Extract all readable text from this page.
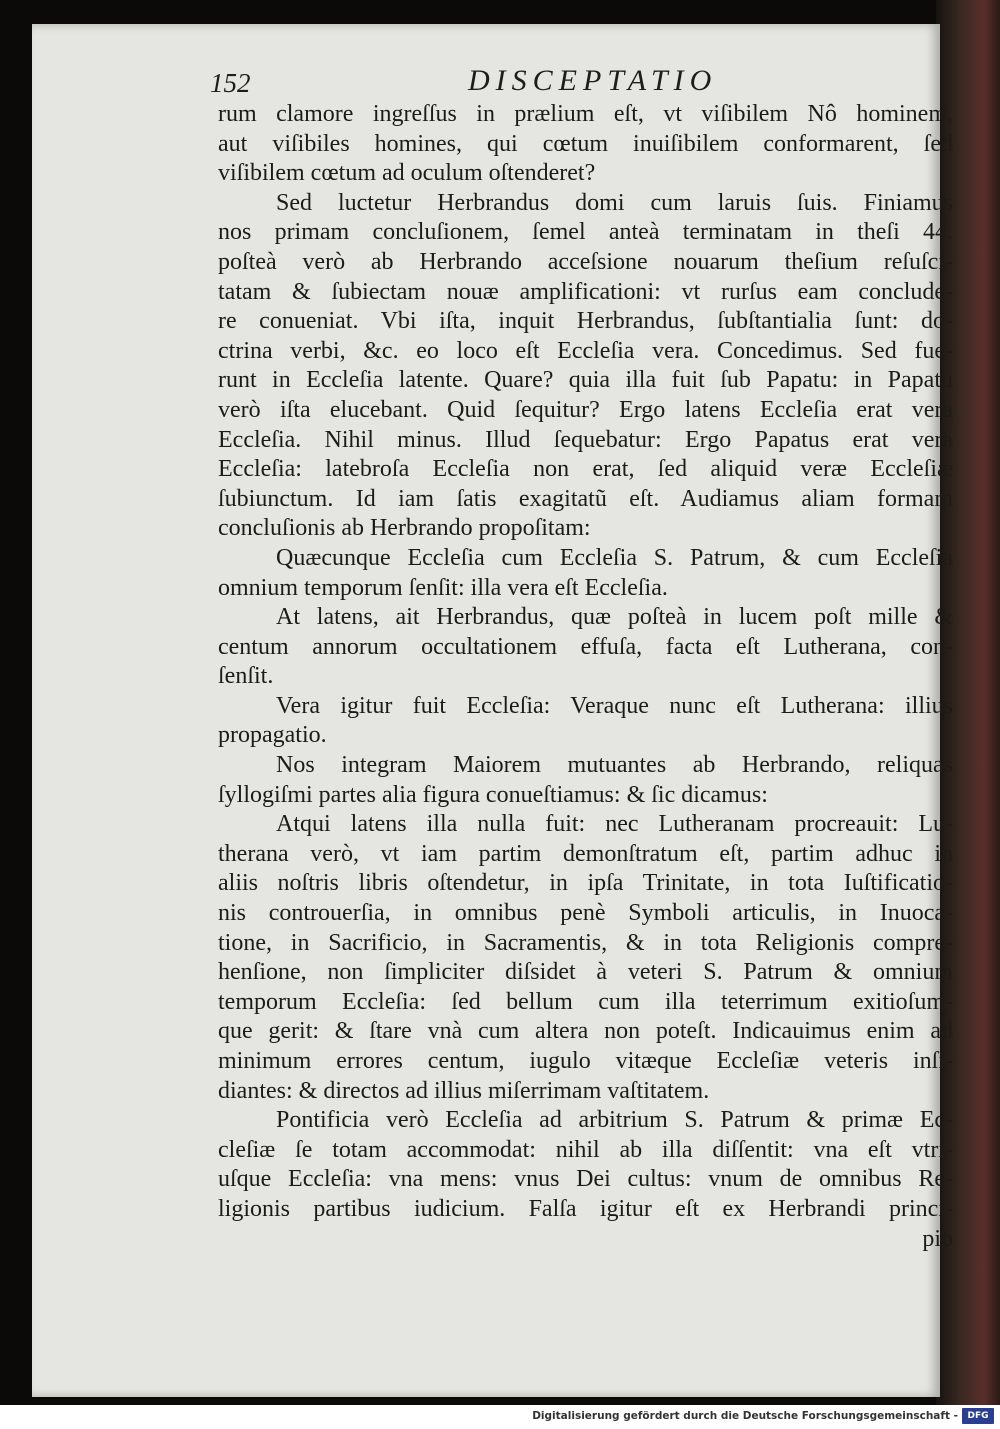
152	DISCEPTATIO
rum clamore ingreſſus in prælium eſt, vt viſibilem Nô hominem,
aut viſibiles homines, qui cœtum inuiſibilem conformarent, ſed
viſibilem cœtum ad oculum oſtenderet?
Sed luctetur Herbrandus domi cum laruis ſuis. Finiamus
nos primam concluſionem, ſemel anteà terminatam in theſi 44.
poſteà verò ab Herbrando acceſsione nouarum theſium reſuſci-
tatam & ſubiectam nouæ amplificationi: vt rurſus eam conclude-
re conueniat. Vbi iſta, inquit Herbrandus, ſubſtantialia ſunt: do-
ctrina verbi, &c. eo loco eſt Eccleſia vera. Concedimus. Sed fue-
runt in Eccleſia latente. Quare? quia illa fuit ſub Papatu: in Papatu
verò iſta elucebant. Quid ſequitur? Ergo latens Eccleſia erat vera
Eccleſia. Nihil minus. Illud ſequebatur: Ergo Papatus erat vera
Eccleſia: latebroſa Eccleſia non erat, ſed aliquid veræ Eccleſiæ
ſubiunctum. Id iam ſatis exagitatũ eſt. Audiamus aliam formam
concluſionis ab Herbrando propoſitam:
Quæcunque Eccleſia cum Eccleſia S. Patrum, & cum Eccleſia
omnium temporum ſenſit: illa vera eſt Eccleſia.
At latens, ait Herbrandus, quæ poſteà in lucem poſt mille &
centum annorum occultationem effuſa, facta eſt Lutherana, con-
ſenſit.
Vera igitur fuit Eccleſia: Veraque nunc eſt Lutherana: illius
propagatio.
Nos integram Maiorem mutuantes ab Herbrando, reliquas
ſyllogiſmi partes alia figura conueſtiamus: & ſic dicamus:
Atqui latens illa nulla fuit: nec Lutheranam procreauit: Lu-
therana verò, vt iam partim demonſtratum eſt, partim adhuc in
aliis noſtris libris oſtendetur, in ipſa Trinitate, in tota Iuſtificatio-
nis controuerſia, in omnibus penè Symboli articulis, in Inuoca-
tione, in Sacrificio, in Sacramentis, & in tota Religionis compre-
henſione, non ſimpliciter diſsidet à veteri S. Patrum & omnium
temporum Eccleſia: ſed bellum cum illa teterrimum exitioſum-
que gerit: & ſtare vnà cum altera non poteſt. Indicauimus enim ad
minimum errores centum, iugulo vitæque Eccleſiæ veteris inſi-
diantes: & directos ad illius miſerrimam vaſtitatem.
Pontificia verò Eccleſia ad arbitrium S. Patrum & primæ Ec-
cleſiæ ſe totam accommodat: nihil ab illa diſſentit: vna eſt vtri-
uſque Eccleſia: vna mens: vnus Dei cultus: vnum de omnibus Re-
ligionis partibus iudicium. Falſa igitur eſt ex Herbrandi princi-
pio
Digitalisierung gefördert durch die Deutsche Forschungsgemeinschaft -	DFG
